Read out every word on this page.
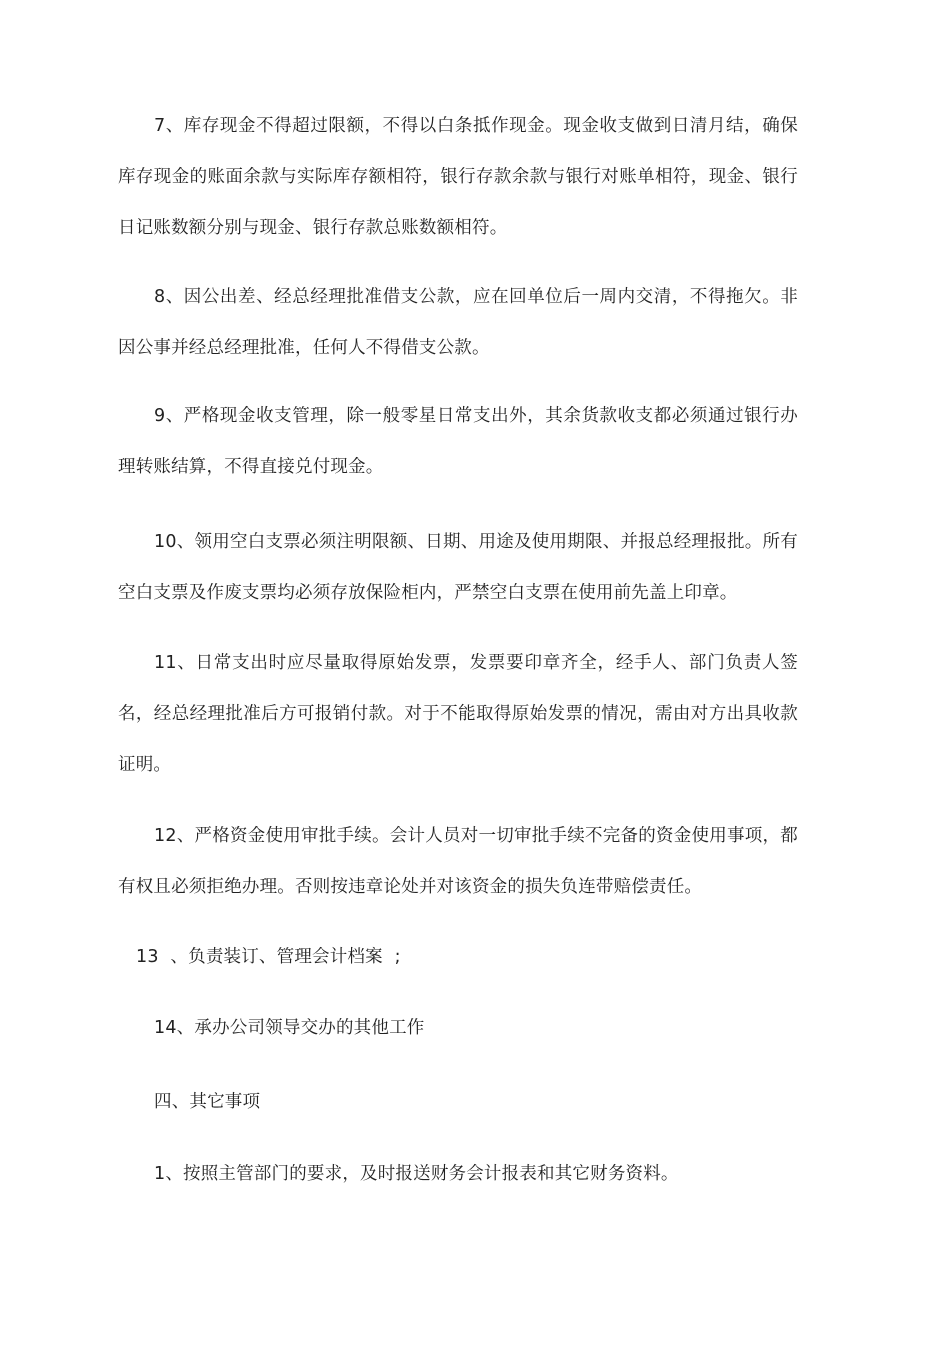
7、库存现金不得超过限额，不得以白条抵作现金。现金收支做到日清月结，确保库存现金的账面余款与实际库存额相符，银行存款余款与银行对账单相符，现金、银行日记账数额分别与现金、银行存款总账数额相符。

8、因公出差、经总经理批准借支公款，应在回单位后一周内交清，不得拖欠。非因公事并经总经理批准，任何人不得借支公款。

9、严格现金收支管理，除一般零星日常支出外，其余货款收支都必须通过银行办理转账结算，不得直接兑付现金。

10、领用空白支票必须注明限额、日期、用途及使用期限、并报总经理报批。所有空白支票及作废支票均必须存放保险柜内，严禁空白支票在使用前先盖上印章。

11、日常支出时应尽量取得原始发票，发票要印章齐全，经手人、部门负责人签名，经总经理批准后方可报销付款。对于不能取得原始发票的情况，需由对方出具收款证明。

12、严格资金使用审批手续。会计人员对一切审批手续不完备的资金使用事项，都有权且必须拒绝办理。否则按违章论处并对该资金的损失负连带赔偿责任。

13 、负责装订、管理会计档案 ;

14、承办公司领导交办的其他工作

四、其它事项

1、按照主管部门的要求，及时报送财务会计报表和其它财务资料。
